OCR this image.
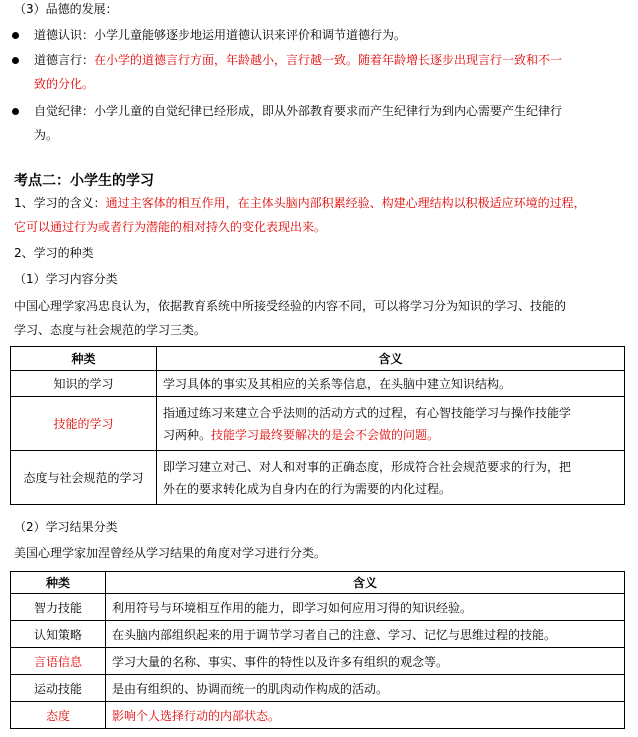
（3）品德的发展：
道德认识：小学儿童能够逐步地运用道德认识来评价和调节道德行为。
道德言行：在小学的道德言行方面，年龄越小，言行越一致。随着年龄增长逐步出现言行一致和不一
致的分化。
自觉纪律：小学儿童的自觉纪律已经形成，即从外部教育要求而产生纪律行为到内心需要产生纪律行
为。
考点二：小学生的学习
1、学习的含义：通过主客体的相互作用，在主体头脑内部积累经验、构建心理结构以积极适应环境的过程，
它可以通过行为或者行为潜能的相对持久的变化表现出来。
2、学习的种类
（1）学习内容分类
中国心理学家冯忠良认为，依据教育系统中所接受经验的内容不同，可以将学习分为知识的学习、技能的
学习、态度与社会规范的学习三类。
种类	含义
知识的学习	学习具体的事实及其相应的关系等信息，在头脑中建立知识结构。

技能的学习	指通过练习来建立合乎法则的活动方式的过程，有心智技能学习与操作技能学
习两种。技能学习最终要解决的是会不会做的问题。

态度与社会规范的学习	即学习建立对己、对人和对事的正确态度，形成符合社会规范要求的行为，把
外在的要求转化成为自身内在的行为需要的内化过程。
（2）学习结果分类
美国心理学家加涅曾经从学习结果的角度对学习进行分类。
种类	含义
智力技能	利用符号与环境相互作用的能力，即学习如何应用习得的知识经验。
认知策略	在头脑内部组织起来的用于调节学习者自己的注意、学习、记忆与思维过程的技能。
言语信息	学习大量的名称、事实、事件的特性以及许多有组织的观念等。
运动技能	是由有组织的、协调而统一的肌肉动作构成的活动。
态度	影响个人选择行动的内部状态。
